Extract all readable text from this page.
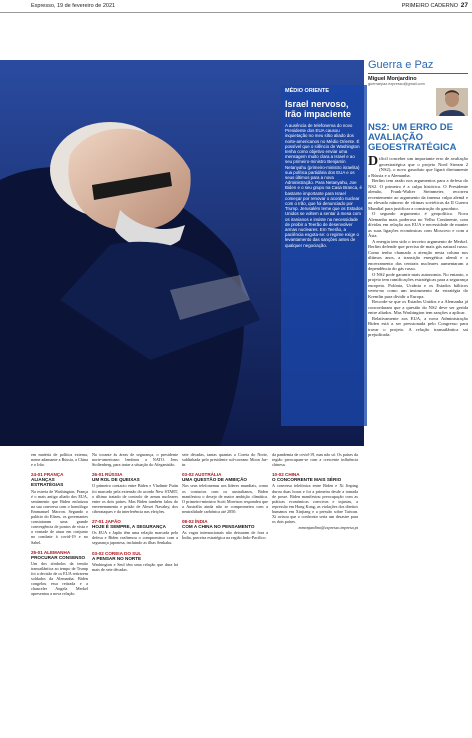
Expresso, 19 de fevereiro de 2021	PRIMEIRO CADERNO 27
MÉDIO ORIENTE
Israel nervoso, Irão impaciente
A ausência de telefonema do novo Presidente dos EUA causou inquietação no meu sítio aliado dos norte-americanos no Médio Oriente. É possível que o silêncio de Washington tenha como objetivo enviar uma mensagem muito clara a Israel e ao seu primeiro-ministro Benjamin Netanyahu (primeiro-ministro israelita) sua política partidária dos EUA e os seus últimos para a nova Administração. Para Netanyahu, Joe Biden e o seu grupo na Casa Branca, é bastante importante para Israel começar por renovar o acordo nuclear com o Irão, que foi denunciado por Trump. Jerusalém teme que os Estados Unidos se voltem a sentar à mesa com os iranianos e insiste na necessidade de proibir a Teerão de desenvolver armas nucleares. Em Teerão, a paciência esgota-se: o regime exige o levantamento das sanções antes de qualquer negociação.

em matéria de política externa, nome adamante a Rússia, a China e o Irão.

24-01 FRANÇA
ALIANÇAS ESTRATÉGIAS

Na estreia de Washington, França é o mais antigo aliado dos EUA, sentimento que Biden enfatizou na sua conversa com o homólogo Emmanuel Macron. Segundo o palácio do Eliseu, os governantes constataram uma grande convergência de pontos de vista e a vontade de atuar em conjunto no combate à covid-19 e no Sahel.

25-01 ALEMANHA
PROCURAR CONSENSO

Um dos símbolos da tensão transatlântica ao tempo de Trump foi a decisão de os EUA retirarem soldados da Alemanha. Biden congelou essa retirada e a chanceler Angela Merkel apresentou a nova relação.

No tocante às áreas de segurança, o presidente norte-americano lembrou a NATO. Jens Stoltenberg, para tratar a situação do Afeganistão.

26-01 RÚSSIA
UM ROL DE QUEIXAS

O primeiro contacto entre Biden e Vladimir Putin foi marcado pela extensão do acordo New START, o último tratado de controlo de armas nucleares entre os dois países. Mas Biden também falou do envenenamento e prisão de Alexei Navalny, dos ciberataques e da interferência nas eleições.

27-01 JAPÃO
HOJE É SEMPRE, A SEGURANÇA

Os EUA e Japão têm uma relação marcada pela defesa e Biden reafirmou o compromisso com a segurança japonesa, incluindo as ilhas Senkaku.

03-02 COREIA DO SUL
A PENSAR NO NORTE

Washington e Seul têm uma relação que dura há mais de sete décadas.

sete décadas, tantas quantas a Coreia do Norte, sublinhada pelo presidente sul-coreano Moon Jae-in.

03-02 AUSTRÁLIA
UMA QUESTÃO DE AMBIÇÃO

Nos seus telefonemas aos líderes mundiais, como os contactos com os australianos, Biden manifestou o desejo de maior ambição climática. O primeiro-ministro Scott Morrison respondeu que a Austrália ainda não se comprometeu com a neutralidade carbónica até 2050.

08-02 ÍNDIA
COM A CHINA NO PENSAMENTO

As vagas internacionais não deixaram de fora a Índia, parceira estratégica na região Indo-Pacífico.

da pandemia de covid-19, mas não só. Os países da região preocupam-se com a crescente influência chinesa.

10-02 CHINA
O CONCORRENTE MAIS SÉRIO

A conversa telefónica entre Biden e Xi Jinping durou duas horas e foi a primeira desde a tomada de posse. Biden manifestou preocupação com as práticas económicas coercivas e injustas, a repressão em Hong Kong, as violações dos direitos humanos em Xinjiang e a pressão sobre Taiwan. Xi avisou que o confronto seria um desastre para os dois países.

mmonjardino@expresso.impresa.pt

Guerra e Paz
Miguel Monjardino
guerraepaz.expresso@gmail.com
NS2: UM ERRO DE AVALIAÇÃO GEOESTRATÉGICA

Difícil conceber um importante erro de avaliação geoestratégica que o projeto Nord Stream 2 (NS2), o novo gasoduto que ligará diretamente a Rússia e a Alemanha.

Berlim tem razão nos argumentos para a defesa do NS2. O primeiro é a culpa histórica. O Presidente alemão, Frank-Walter Steinmeier, recorreu recentemente ao argumento da imensa culpa alemã e ao elevado número de vítimas soviéticas da II Guerra Mundial para justificar a construção do gasoduto.

O segundo argumento é geopolítico. Nova Alemanha mais poderosa no Velho Continente, com dívidas em relação aos EUA e necessidade de manter as suas ligações económicas com Moscovo e com a Ásia.

A energia tem sido o terceiro argumento de Merkel. Berlim defende que precisa de mais gás natural russo. Como tenho chamado a atenção nesta coluna nos últimos anos, a transição energética alemã e o encerramento das centrais nucleares aumentaram a dependência do gás russo.

O NS2 pode garantir mais autonomia. No entanto, o projeto tem ramificações estratégicas para a segurança europeia. Polónia, Ucrânia e os Estados bálticos veem-no como um instrumento da estratégia do Kremlin para dividir a Europa.

Recorde-se que os Estados Unidos e a Alemanha já concordaram que a questão do NS2 deve ser gerida entre aliados. Mas Washington tem sanções a aplicar.

Relativamente aos EUA, a nova Administração Biden está a ser pressionada pelo Congresso para travar o projeto. A relação transatlântica sai prejudicada.
